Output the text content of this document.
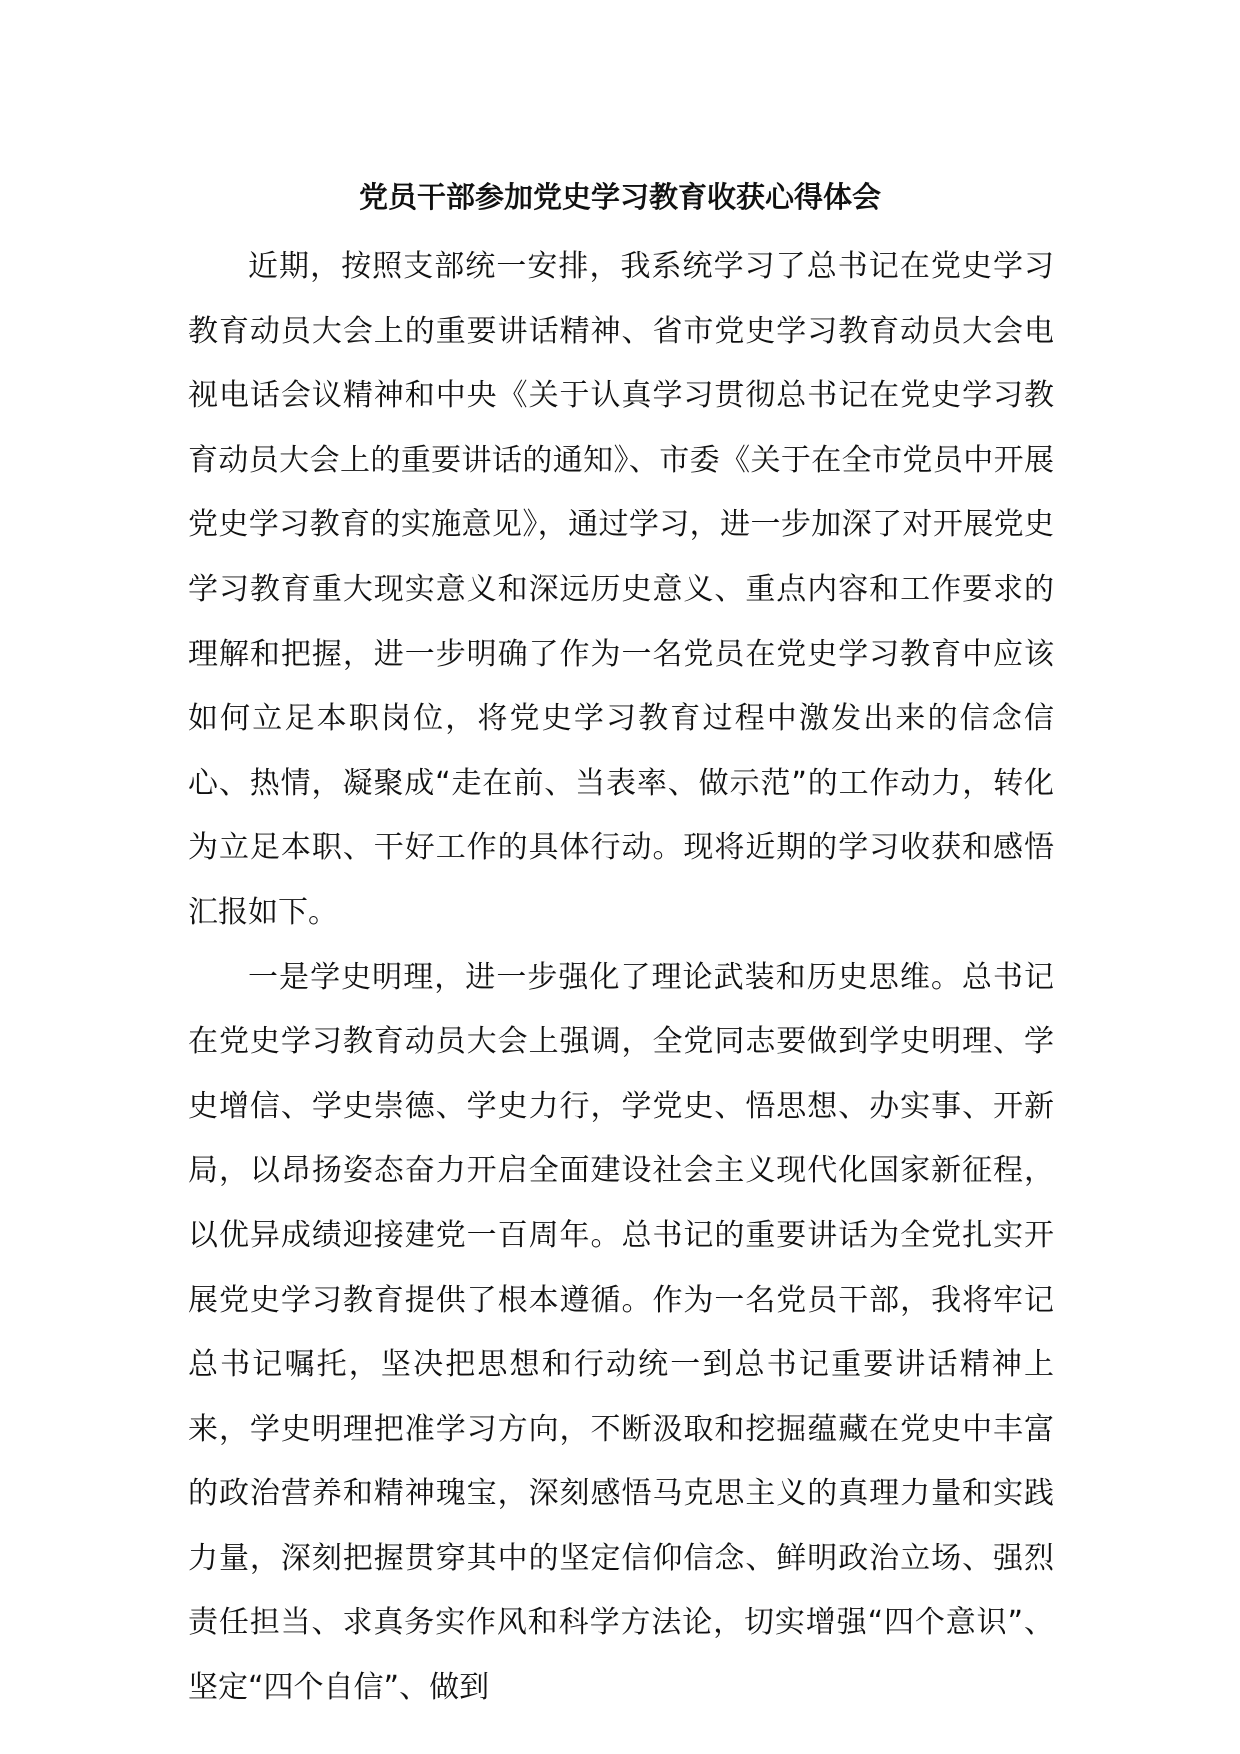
党员干部参加党史学习教育收获心得体会

近期，按照支部统一安排，我系统学习了总书记在党史学习教育动员大会上的重要讲话精神、省市党史学习教育动员大会电视电话会议精神和中央《关于认真学习贯彻总书记在党史学习教育动员大会上的重要讲话的通知》、市委《关于在全市党员中开展党史学习教育的实施意见》，通过学习，进一步加深了对开展党史学习教育重大现实意义和深远历史意义、重点内容和工作要求的理解和把握，进一步明确了作为一名党员在党史学习教育中应该如何立足本职岗位，将党史学习教育过程中激发出来的信念信心、热情，凝聚成“走在前、当表率、做示范”的工作动力，转化为立足本职、干好工作的具体行动。现将近期的学习收获和感悟汇报如下。

一是学史明理，进一步强化了理论武装和历史思维。总书记在党史学习教育动员大会上强调，全党同志要做到学史明理、学史增信、学史崇德、学史力行，学党史、悟思想、办实事、开新局，以昂扬姿态奋力开启全面建设社会主义现代化国家新征程，以优异成绩迎接建党一百周年。总书记的重要讲话为全党扎实开展党史学习教育提供了根本遵循。作为一名党员干部，我将牢记总书记嘱托，坚决把思想和行动统一到总书记重要讲话精神上来，学史明理把准学习方向，不断汲取和挖掘蕴藏在党史中丰富的政治营养和精神瑰宝，深刻感悟马克思主义的真理力量和实践力量，深刻把握贯穿其中的坚定信仰信念、鲜明政治立场、强烈责任担当、求真务实作风和科学方法论，切实增强“四个意识”、坚定“四个自信”、做到
